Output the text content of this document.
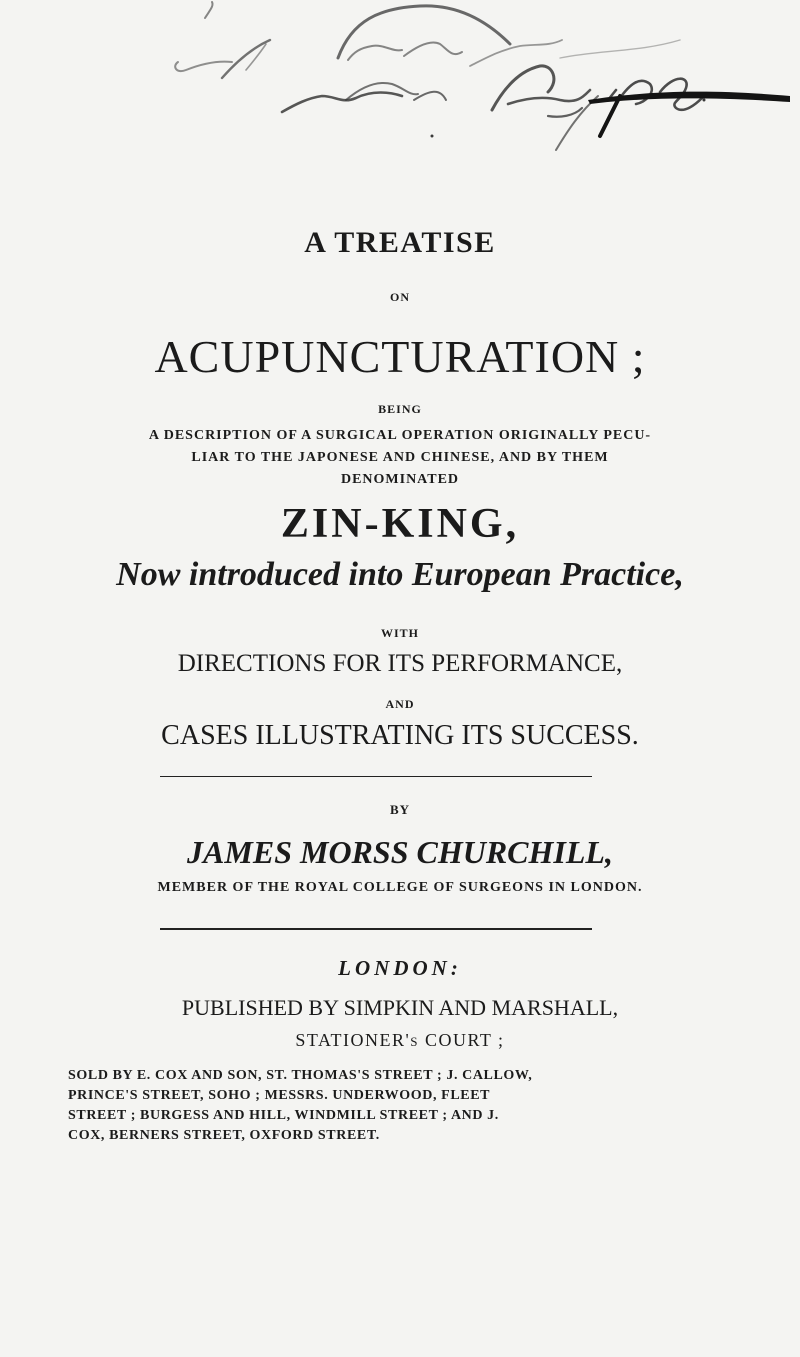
A TREATISE
ON
ACUPUNCTURATION ;
BEING
A DESCRIPTION OF A SURGICAL OPERATION ORIGINALLY PECU-
LIAR TO THE JAPONESE AND CHINESE, AND BY THEM
DENOMINATED
ZIN-KING,
Now introduced into European Practice,
WITH
DIRECTIONS FOR ITS PERFORMANCE,
AND
CASES ILLUSTRATING ITS SUCCESS.
BY
JAMES MORSS CHURCHILL,
MEMBER OF THE ROYAL COLLEGE OF SURGEONS IN LONDON.
LONDON:
PUBLISHED BY SIMPKIN AND MARSHALL,
STATIONER's COURT ;
SOLD BY E. COX AND SON, ST. THOMAS'S STREET ; J. CALLOW,
PRINCE'S STREET, SOHO ; MESSRS. UNDERWOOD, FLEET
STREET ; BURGESS AND HILL, WINDMILL STREET ; AND J.
COX, BERNERS STREET, OXFORD STREET.
